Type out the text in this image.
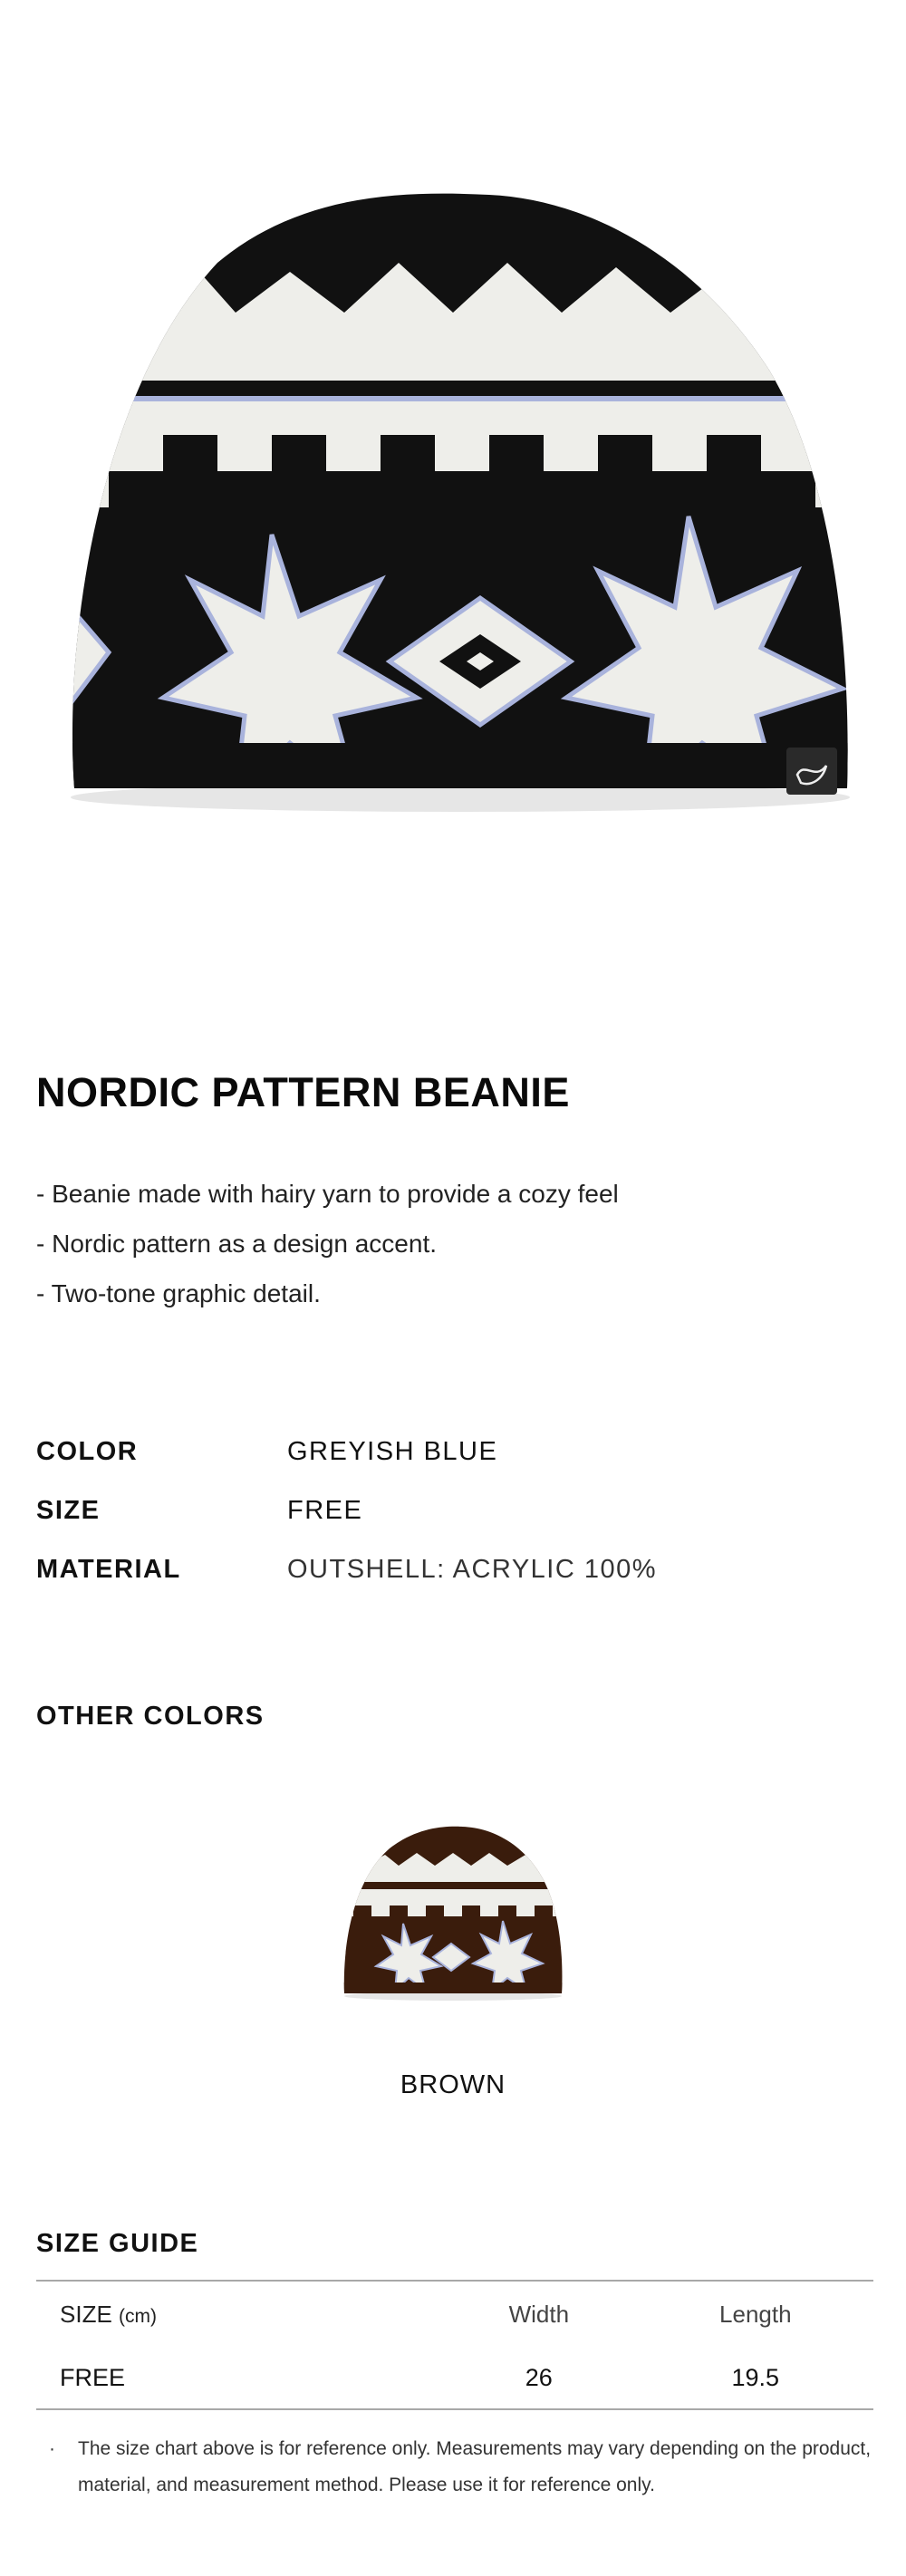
NORDIC PATTERN BEANIE
- Beanie made with hairy yarn to provide a cozy feel
- Nordic pattern as a design accent.
- Two-tone graphic detail.
COLOR	GREYISH BLUE
SIZE	FREE
MATERIAL	OUTSHELL: ACRYLIC 100%
OTHER COLORS
BROWN
SIZE GUIDE
SIZE (cm)	Width	Length
FREE	26	19.5
· The size chart above is for reference only. Measurements may vary depending on the product, material, and measurement method. Please use it for reference only.
